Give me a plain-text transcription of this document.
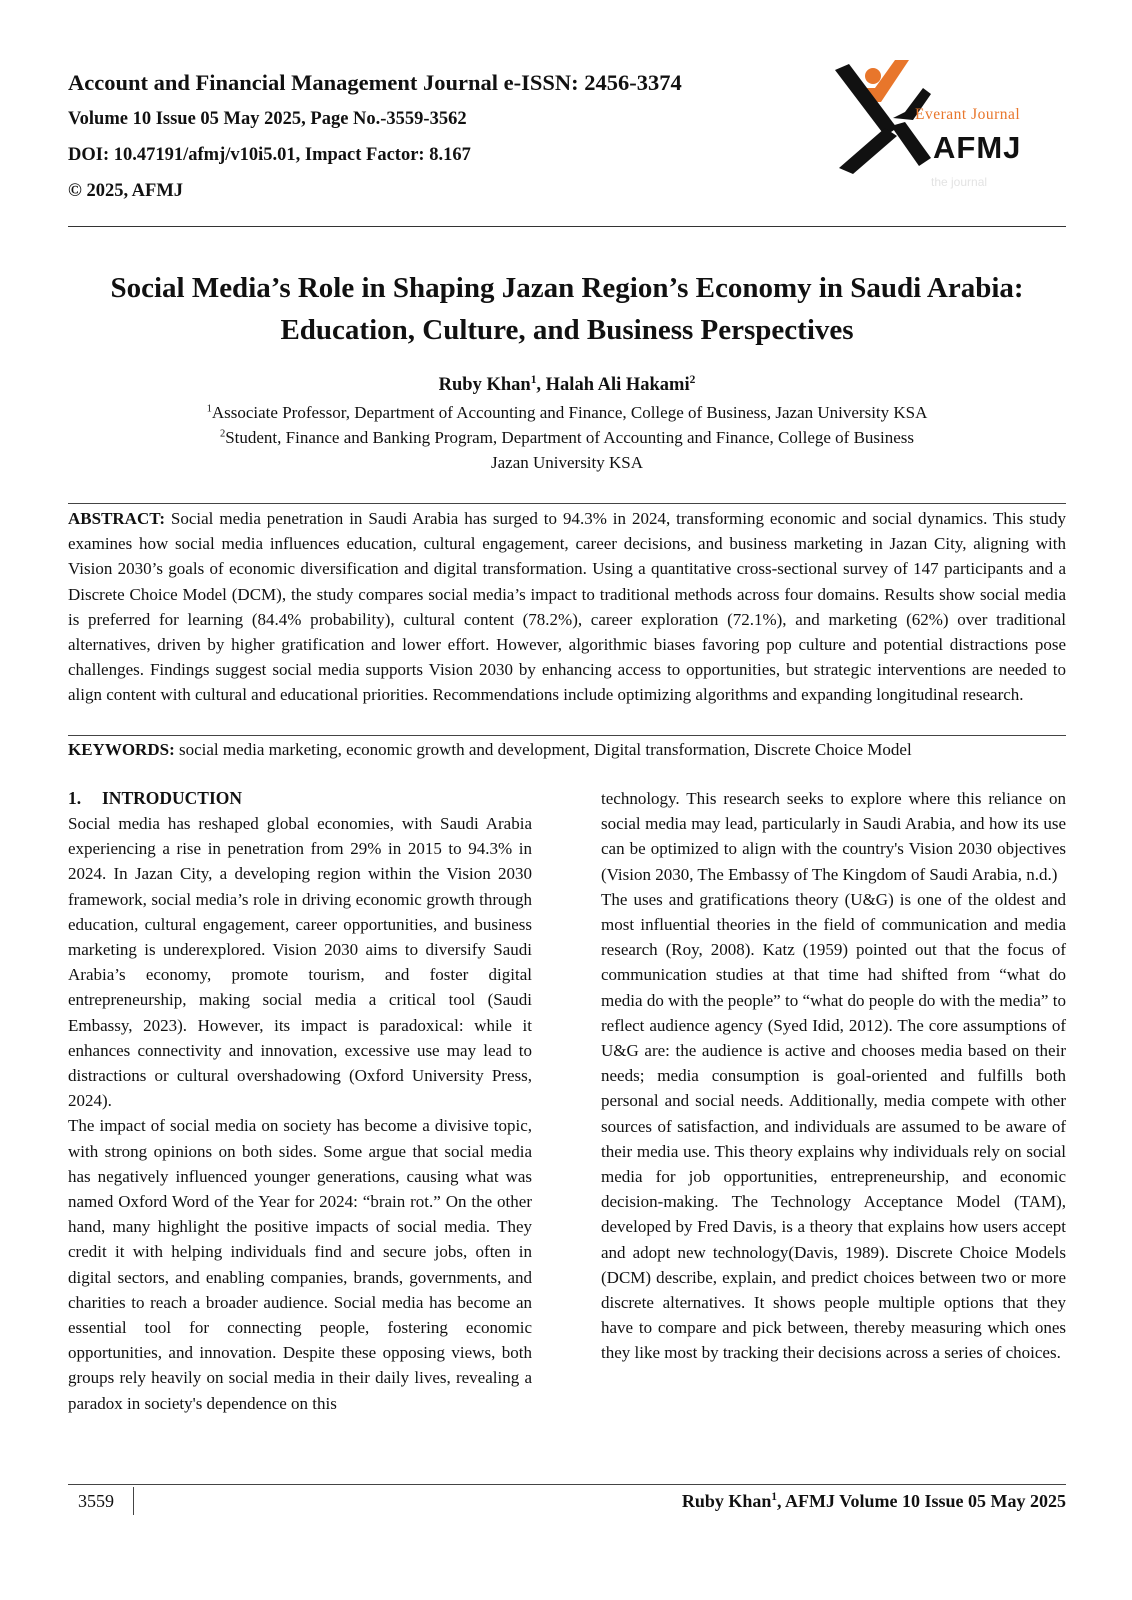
Account and Financial Management Journal e-ISSN: 2456-3374
Volume 10 Issue 05 May 2025, Page No.-3559-3562
DOI: 10.47191/afmj/v10i5.01, Impact Factor: 8.167
© 2025, AFMJ	the journal
Everant Journal
AFMJ
Social Media’s Role in Shaping Jazan Region’s Economy in Saudi Arabia:
Education, Culture, and Business Perspectives
Ruby Khan$^1$, Halah Ali Hakami$^2$
$^1$Associate Professor, Department of Accounting and Finance, College of Business, Jazan University KSA
$^2$Student, Finance and Banking Program, Department of Accounting and Finance, College of Business
Jazan University KSA
ABSTRACT: Social media penetration in Saudi Arabia has surged to 94.3% in 2024, transforming economic and social dynamics. This study examines how social media influences education, cultural engagement, career decisions, and business marketing in Jazan City, aligning with Vision 2030’s goals of economic diversification and digital transformation. Using a quantitative cross-sectional survey of 147 participants and a Discrete Choice Model (DCM), the study compares social media’s impact to traditional methods across four domains. Results show social media is preferred for learning (84.4% probability), cultural content (78.2%), career exploration (72.1%), and marketing (62%) over traditional alternatives, driven by higher gratification and lower effort. However, algorithmic biases favoring pop culture and potential distractions pose challenges. Findings suggest social media supports Vision 2030 by enhancing access to opportunities, but strategic interventions are needed to align content with cultural and educational priorities. Recommendations include optimizing algorithms and expanding longitudinal research.
KEYWORDS: social media marketing, economic growth and development, Digital transformation, Discrete Choice Model
1. INTRODUCTION

Social media has reshaped global economies, with Saudi Arabia experiencing a rise in penetration from 29% in 2015 to 94.3% in 2024. In Jazan City, a developing region within the Vision 2030 framework, social media’s role in driving economic growth through education, cultural engagement, career opportunities, and business marketing is underexplored. Vision 2030 aims to diversify Saudi Arabia’s economy, promote tourism, and foster digital entrepreneurship, making social media a critical tool (Saudi Embassy, 2023). However, its impact is paradoxical: while it enhances connectivity and innovation, excessive use may lead to distractions or cultural overshadowing (Oxford University Press, 2024).

The impact of social media on society has become a divisive topic, with strong opinions on both sides. Some argue that social media has negatively influenced younger generations, causing what was named Oxford Word of the Year for 2024: “brain rot.” On the other hand, many highlight the positive impacts of social media. They credit it with helping individuals find and secure jobs, often in digital sectors, and enabling companies, brands, governments, and charities to reach a broader audience. Social media has become an essential tool for connecting people, fostering economic opportunities, and innovation. Despite these opposing views, both groups rely heavily on social media in their daily lives, revealing a paradox in society's dependence on this

technology. This research seeks to explore where this reliance on social media may lead, particularly in Saudi Arabia, and how its use can be optimized to align with the country's Vision 2030 objectives (Vision 2030, The Embassy of The Kingdom of Saudi Arabia, n.d.)

The uses and gratifications theory (U&G) is one of the oldest and most influential theories in the field of communication and media research (Roy, 2008). Katz (1959) pointed out that the focus of communication studies at that time had shifted from “what do media do with the people” to “what do people do with the media” to reflect audience agency (Syed Idid, 2012). The core assumptions of U&G are: the audience is active and chooses media based on their needs; media consumption is goal-oriented and fulfills both personal and social needs. Additionally, media compete with other sources of satisfaction, and individuals are assumed to be aware of their media use. This theory explains why individuals rely on social media for job opportunities, entrepreneurship, and economic decision-making. The Technology Acceptance Model (TAM), developed by Fred Davis, is a theory that explains how users accept and adopt new technology(Davis, 1989). Discrete Choice Models (DCM) describe, explain, and predict choices between two or more discrete alternatives. It shows people multiple options that they have to compare and pick between, thereby measuring which ones they like most by tracking their decisions across a series of choices.

3559	Ruby Khan$^1$, AFMJ Volume 10 Issue 05 May 2025
